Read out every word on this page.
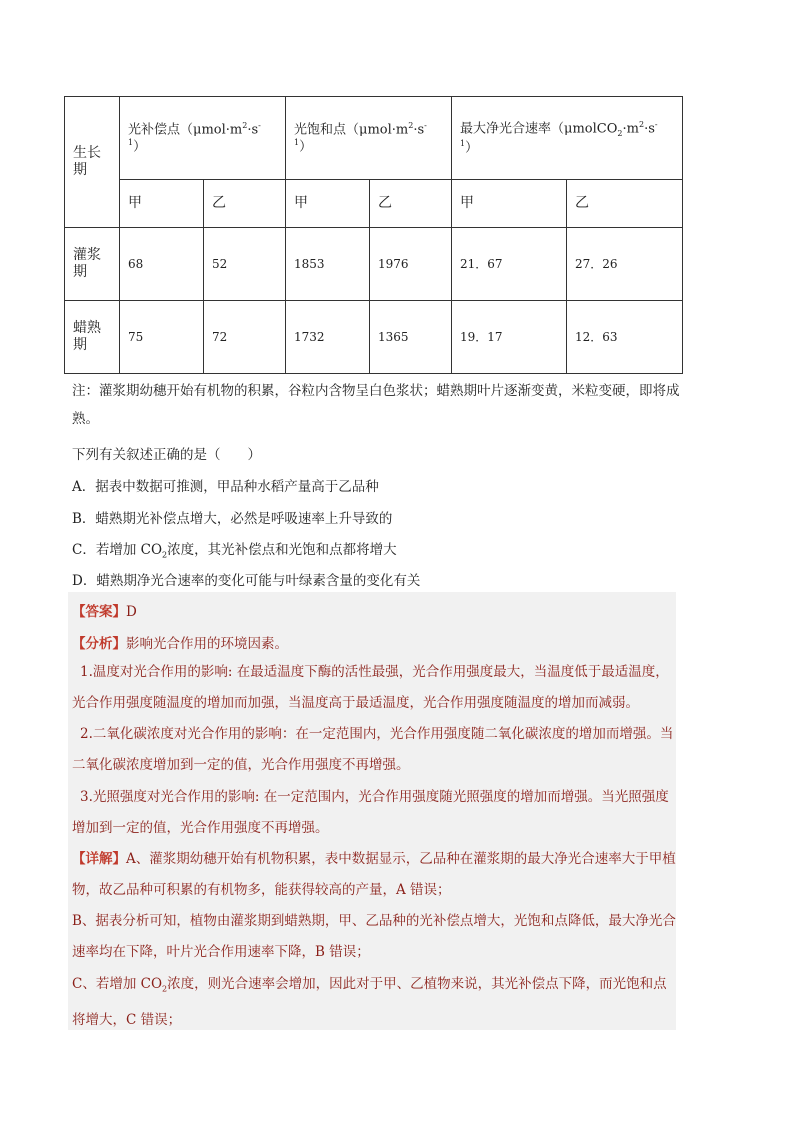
生长期	光补偿点$(\mu mol\cdot m^2\cdot s^{-1})$		光饱和点$(\mu mol\cdot m^2\cdot s^{-1})$		最大净光合速率$(\mu molCO_2\cdot m^2\cdot s^{-1})$	
	甲	乙	甲	乙	甲	乙
灌浆期	68	52	1853	1976	21．67	27．26
蜡熟期	75	72	1732	1365	19．17	12．63
注：灌浆期幼穗开始有机物的积累，谷粒内含物呈白色浆状；蜡熟期叶片逐渐变黄，米粒变硬，即将成熟。
下列有关叙述正确的是（　　）
A．据表中数据可推测，甲品种水稻产量高于乙品种
B．蜡熟期光补偿点增大，必然是呼吸速率上升导致的
C．若增加 $CO_2$浓度，其光补偿点和光饱和点都将增大
D．蜡熟期净光合速率的变化可能与叶绿素含量的变化有关
【答案】D
【分析】影响光合作用的环境因素。
1.温度对光合作用的影响: 在最适温度下酶的活性最强，光合作用强度最大，当温度低于最适温度，光合作用强度随温度的增加而加强，当温度高于最适温度，光合作用强度随温度的增加而减弱。
2.二氧化碳浓度对光合作用的影响：在一定范围内，光合作用强度随二氧化碳浓度的增加而增强。当二氧化碳浓度增加到一定的值，光合作用强度不再增强。
3.光照强度对光合作用的影响: 在一定范围内，光合作用强度随光照强度的增加而增强。当光照强度增加到一定的值，光合作用强度不再增强。
【详解】A、灌浆期幼穗开始有机物积累，表中数据显示，乙品种在灌浆期的最大净光合速率大于甲植物，故乙品种可积累的有机物多，能获得较高的产量，A 错误；
B、据表分析可知，植物由灌浆期到蜡熟期，甲、乙品种的光补偿点增大，光饱和点降低，最大净光合速率均在下降，叶片光合作用速率下降，B 错误；
C、若增加 $CO_2$浓度，则光合速率会增加，因此对于甲、乙植物来说，其光补偿点下降，而光饱和点将增大，C 错误；
